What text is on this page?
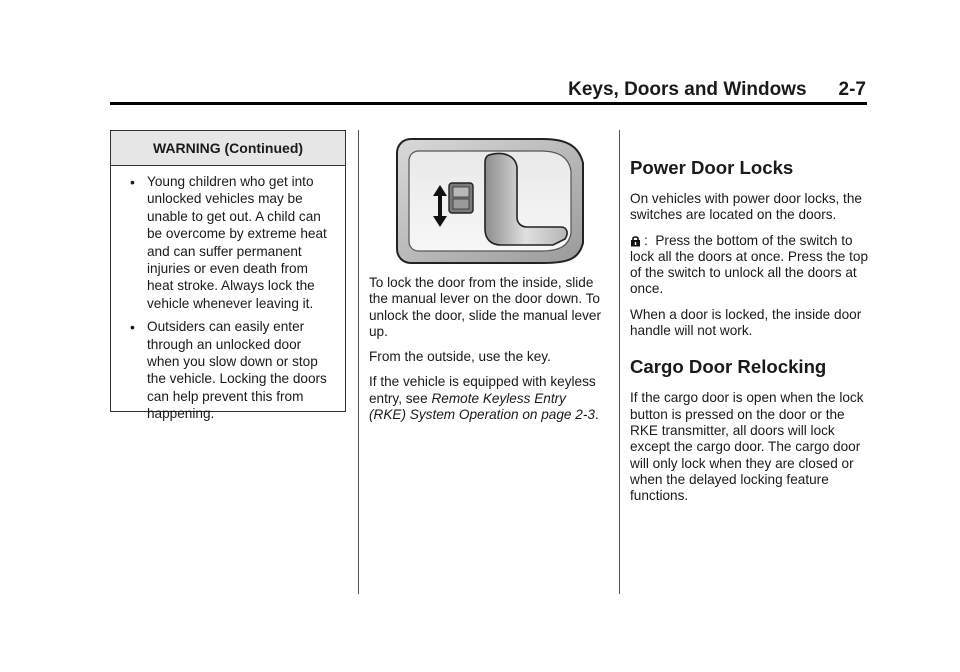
Keys, Doors and Windows 2-7
WARNING (Continued)
• Young children who get into unlocked vehicles may be unable to get out. A child can be overcome by extreme heat and can suffer permanent injuries or even death from heat stroke. Always lock the vehicle whenever leaving it.
• Outsiders can easily enter through an unlocked door when you slow down or stop the vehicle. Locking the doors can help prevent this from happening.

To lock the door from the inside, slide the manual lever on the door down. To unlock the door, slide the manual lever up.

From the outside, use the key.

If the vehicle is equipped with keyless entry, see Remote Keyless Entry (RKE) System Operation on page 2-3.

Power Door Locks

On vehicles with power door locks, the switches are located on the doors.

: Press the bottom of the switch to lock all the doors at once. Press the top of the switch to unlock all the doors at once.

When a door is locked, the inside door handle will not work.

Cargo Door Relocking

If the cargo door is open when the lock button is pressed on the door or the RKE transmitter, all doors will lock except the cargo door. The cargo door will only lock when they are closed or when the delayed locking feature functions.
